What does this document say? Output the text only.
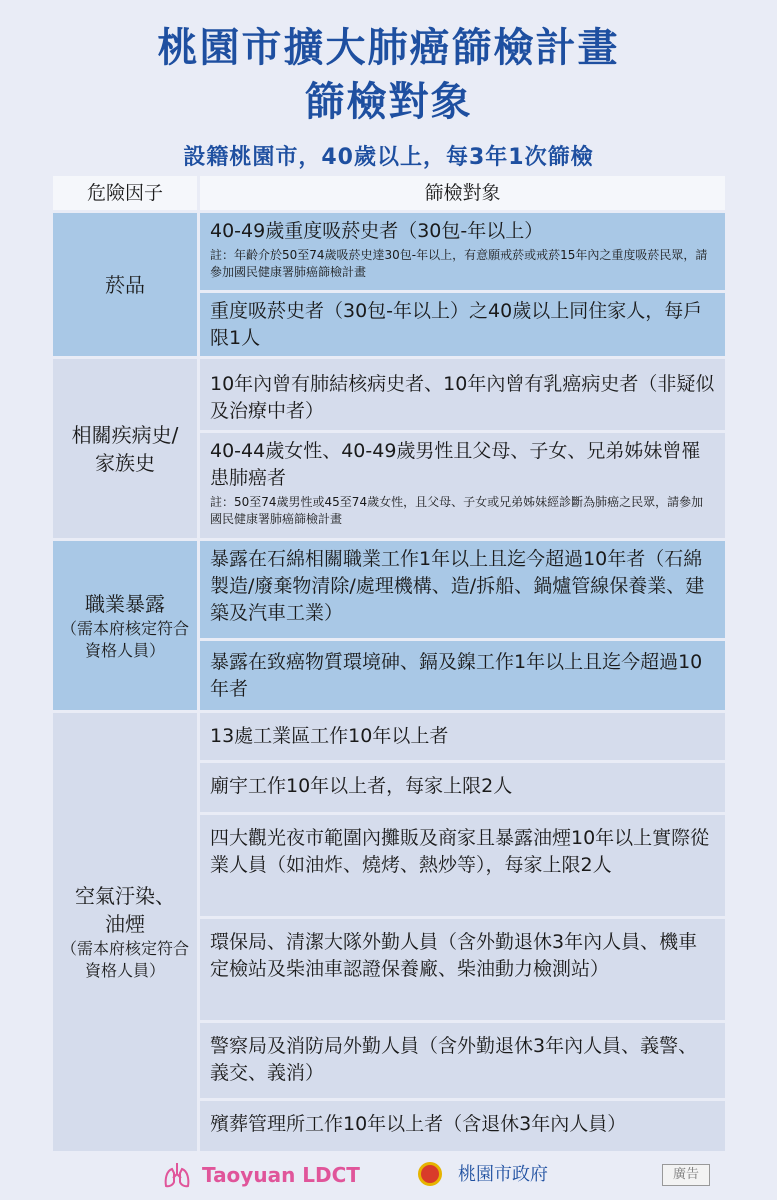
桃園市擴大肺癌篩檢計畫
篩檢對象
設籍桃園市，40歲以上，每3年1次篩檢
危險因子	篩檢對象
菸品
40-49歲重度吸菸史者（30包-年以上）
註：年齡介於50至74歲吸菸史達30包-年以上，有意願戒菸或戒菸15年內之重度吸菸民眾，請參加國民健康署肺癌篩檢計畫
重度吸菸史者（30包-年以上）之40歲以上同住家人，每戶限1人
相關疾病史/家族史
10年內曾有肺結核病史者、10年內曾有乳癌病史者（非疑似及治療中者）
40-44歲女性、40-49歲男性且父母、子女、兄弟姊妹曾罹患肺癌者
註：50至74歲男性或45至74歲女性，且父母、子女或兄弟姊妹經診斷為肺癌之民眾，請參加國民健康署肺癌篩檢計畫
職業暴露
（需本府核定符合資格人員）
暴露在石綿相關職業工作1年以上且迄今超過10年者（石綿製造/廢棄物清除/處理機構、造/拆船、鍋爐管線保養業、建築及汽車工業）
暴露在致癌物質環境砷、鎘及鎳工作1年以上且迄今超過10年者
空氣汙染、油煙
（需本府核定符合資格人員）
13處工業區工作10年以上者
廟宇工作10年以上者，每家上限2人
四大觀光夜市範圍內攤販及商家且暴露油煙10年以上實際從業人員（如油炸、燒烤、熱炒等），每家上限2人
環保局、清潔大隊外勤人員（含外勤退休3年內人員、機車定檢站及柴油車認證保養廠、柴油動力檢測站）
警察局及消防局外勤人員（含外勤退休3年內人員、義警、義交、義消）
殯葬管理所工作10年以上者（含退休3年內人員）
Taoyuan LDCT	桃園市政府	廣告
